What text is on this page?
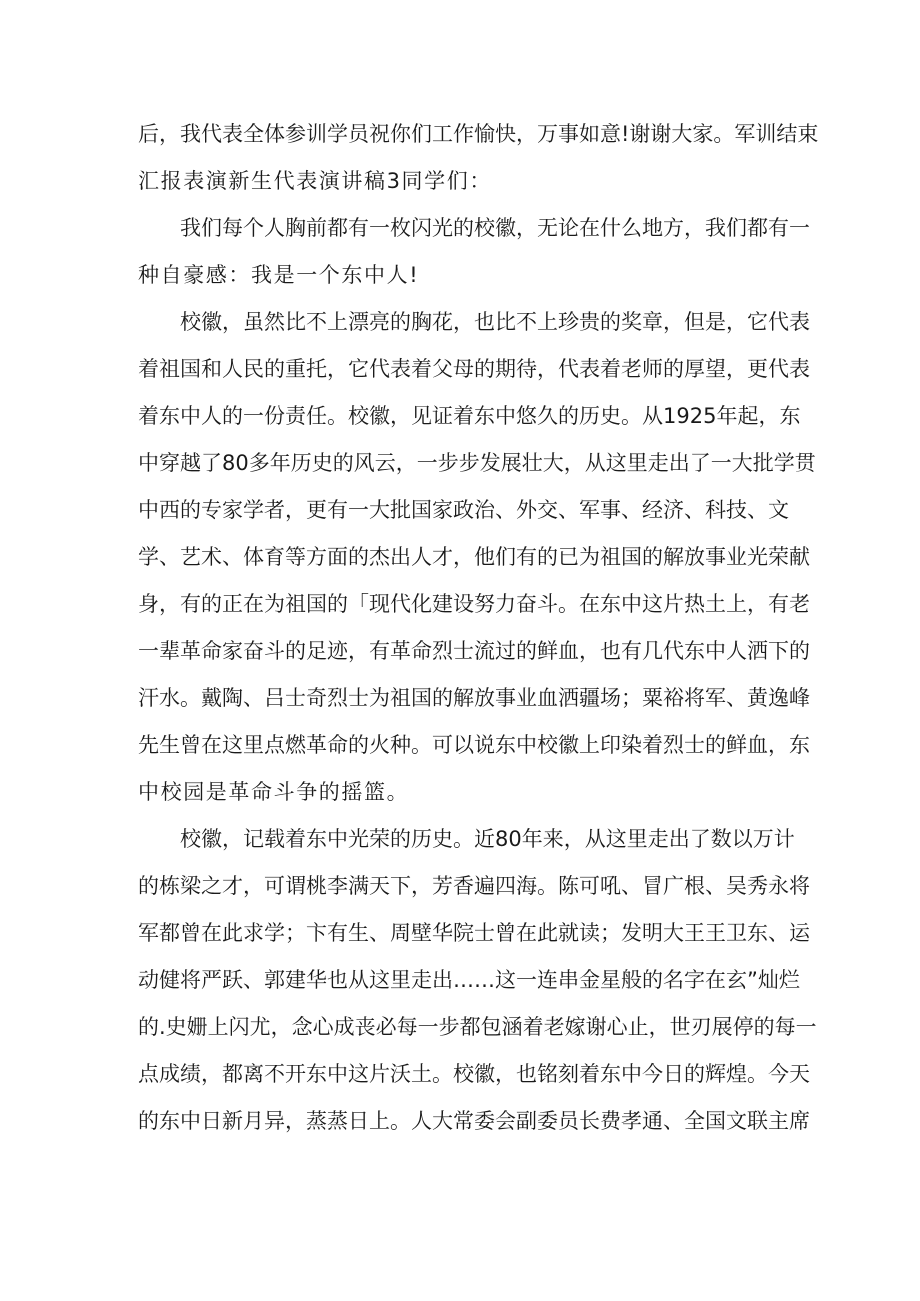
后，我代表全体参训学员祝你们工作愉快，万事如意!谢谢大家。军训结束
汇报表演新生代表演讲稿3同学们：
我们每个人胸前都有一枚闪光的校徽，无论在什么地方，我们都有一
种自豪感：我是一个东中人!
校徽，虽然比不上漂亮的胸花，也比不上珍贵的奖章，但是，它代表
着祖国和人民的重托，它代表着父母的期待，代表着老师的厚望，更代表
着东中人的一份责任。校徽，见证着东中悠久的历史。从1925年起，东
中穿越了80多年历史的风云，一步步发展壮大，从这里走出了一大批学贯
中西的专家学者，更有一大批国家政治、外交、军事、经济、科技、文
学、艺术、体育等方面的杰出人才，他们有的已为祖国的解放事业光荣献
身，有的正在为祖国的「现代化建设努力奋斗。在东中这片热土上，有老
一辈革命家奋斗的足迹，有革命烈士流过的鲜血，也有几代东中人洒下的
汗水。戴陶、吕士奇烈士为祖国的解放事业血洒疆场；粟裕将军、黄逸峰
先生曾在这里点燃革命的火种。可以说东中校徽上印染着烈士的鲜血，东
中校园是革命斗争的摇篮。
校徽，记载着东中光荣的历史。近80年来，从这里走出了数以万计
的栋梁之才，可谓桃李满天下，芳香遍四海。陈可吼、冒广根、吴秀永将
军都曾在此求学；卞有生、周壁华院士曾在此就读；发明大王王卫东、运
动健将严跃、郭建华也从这里走出……这一连串金星般的名字在玄”灿烂
的.史姗上闪尤，念心成丧必每一步都包涵着老嫁谢心止，世刃展停的每一
点成绩，都离不开东中这片沃土。校徽，也铭刻着东中今日的辉煌。今天
的东中日新月异，蒸蒸日上。人大常委会副委员长费孝通、全国文联主席
